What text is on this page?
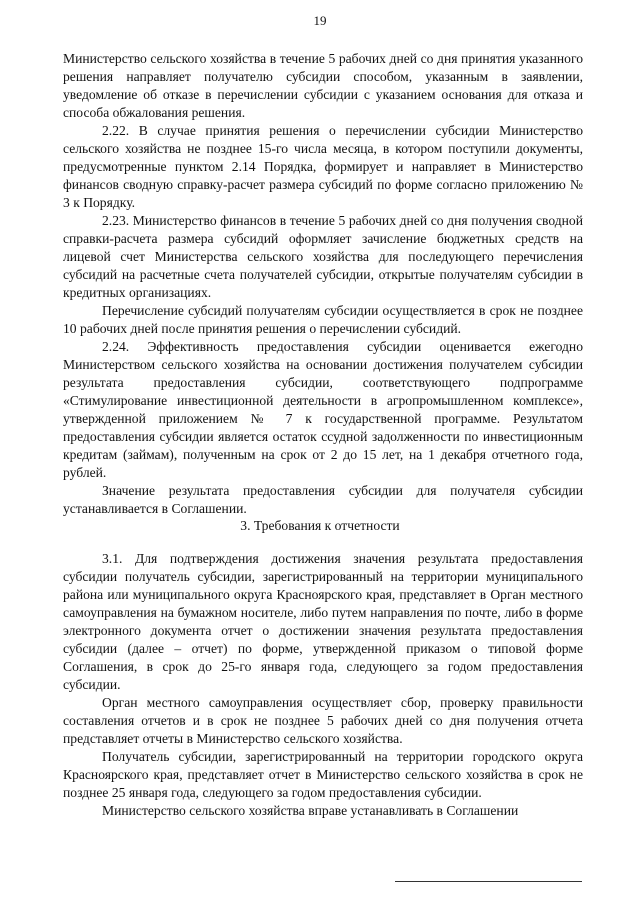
19

Министерство сельского хозяйства в течение 5 рабочих дней со дня принятия указанного решения направляет получателю субсидии способом, указанным в заявлении, уведомление об отказе в перечислении субсидии с указанием основания для отказа и способа обжалования решения.

2.22. В случае принятия решения о перечислении субсидии Министерство сельского хозяйства не позднее 15-го числа месяца, в котором поступили документы, предусмотренные пунктом 2.14 Порядка, формирует и направляет в Министерство финансов сводную справку-расчет размера субсидий по форме согласно приложению № 3 к Порядку.

2.23. Министерство финансов в течение 5 рабочих дней со дня получения сводной справки-расчета размера субсидий оформляет зачисление бюджетных средств на лицевой счет Министерства сельского хозяйства для последующего перечисления субсидий на расчетные счета получателей субсидии, открытые получателям субсидии в кредитных организациях.

Перечисление субсидий получателям субсидии осуществляется в срок не позднее 10 рабочих дней после принятия решения о перечислении субсидий.

2.24. Эффективность предоставления субсидии оценивается ежегодно Министерством сельского хозяйства на основании достижения получателем субсидии результата предоставления субсидии, соответствующего подпрограмме «Стимулирование инвестиционной деятельности в агропромышленном комплексе», утвержденной приложением № 7 к государственной программе. Результатом предоставления субсидии является остаток ссудной задолженности по инвестиционным кредитам (займам), полученным на срок от 2 до 15 лет, на 1 декабря отчетного года, рублей.

Значение результата предоставления субсидии для получателя субсидии устанавливается в Соглашении.

3. Требования к отчетности

3.1. Для подтверждения достижения значения результата предоставления субсидии получатель субсидии, зарегистрированный на территории муниципального района или муниципального округа Красноярского края, представляет в Орган местного самоуправления на бумажном носителе, либо путем направления по почте, либо в форме электронного документа отчет о достижении значения результата предоставления субсидии (далее – отчет) по форме, утвержденной приказом о типовой форме Соглашения, в срок до 25-го января года, следующего за годом предоставления субсидии.

Орган местного самоуправления осуществляет сбор, проверку правильности составления отчетов и в срок не позднее 5 рабочих дней со дня получения отчета представляет отчеты в Министерство сельского хозяйства.

Получатель субсидии, зарегистрированный на территории городского округа Красноярского края, представляет отчет в Министерство сельского хозяйства в срок не позднее 25 января года, следующего за годом предоставления субсидии.

Министерство сельского хозяйства вправе устанавливать в Соглашении
